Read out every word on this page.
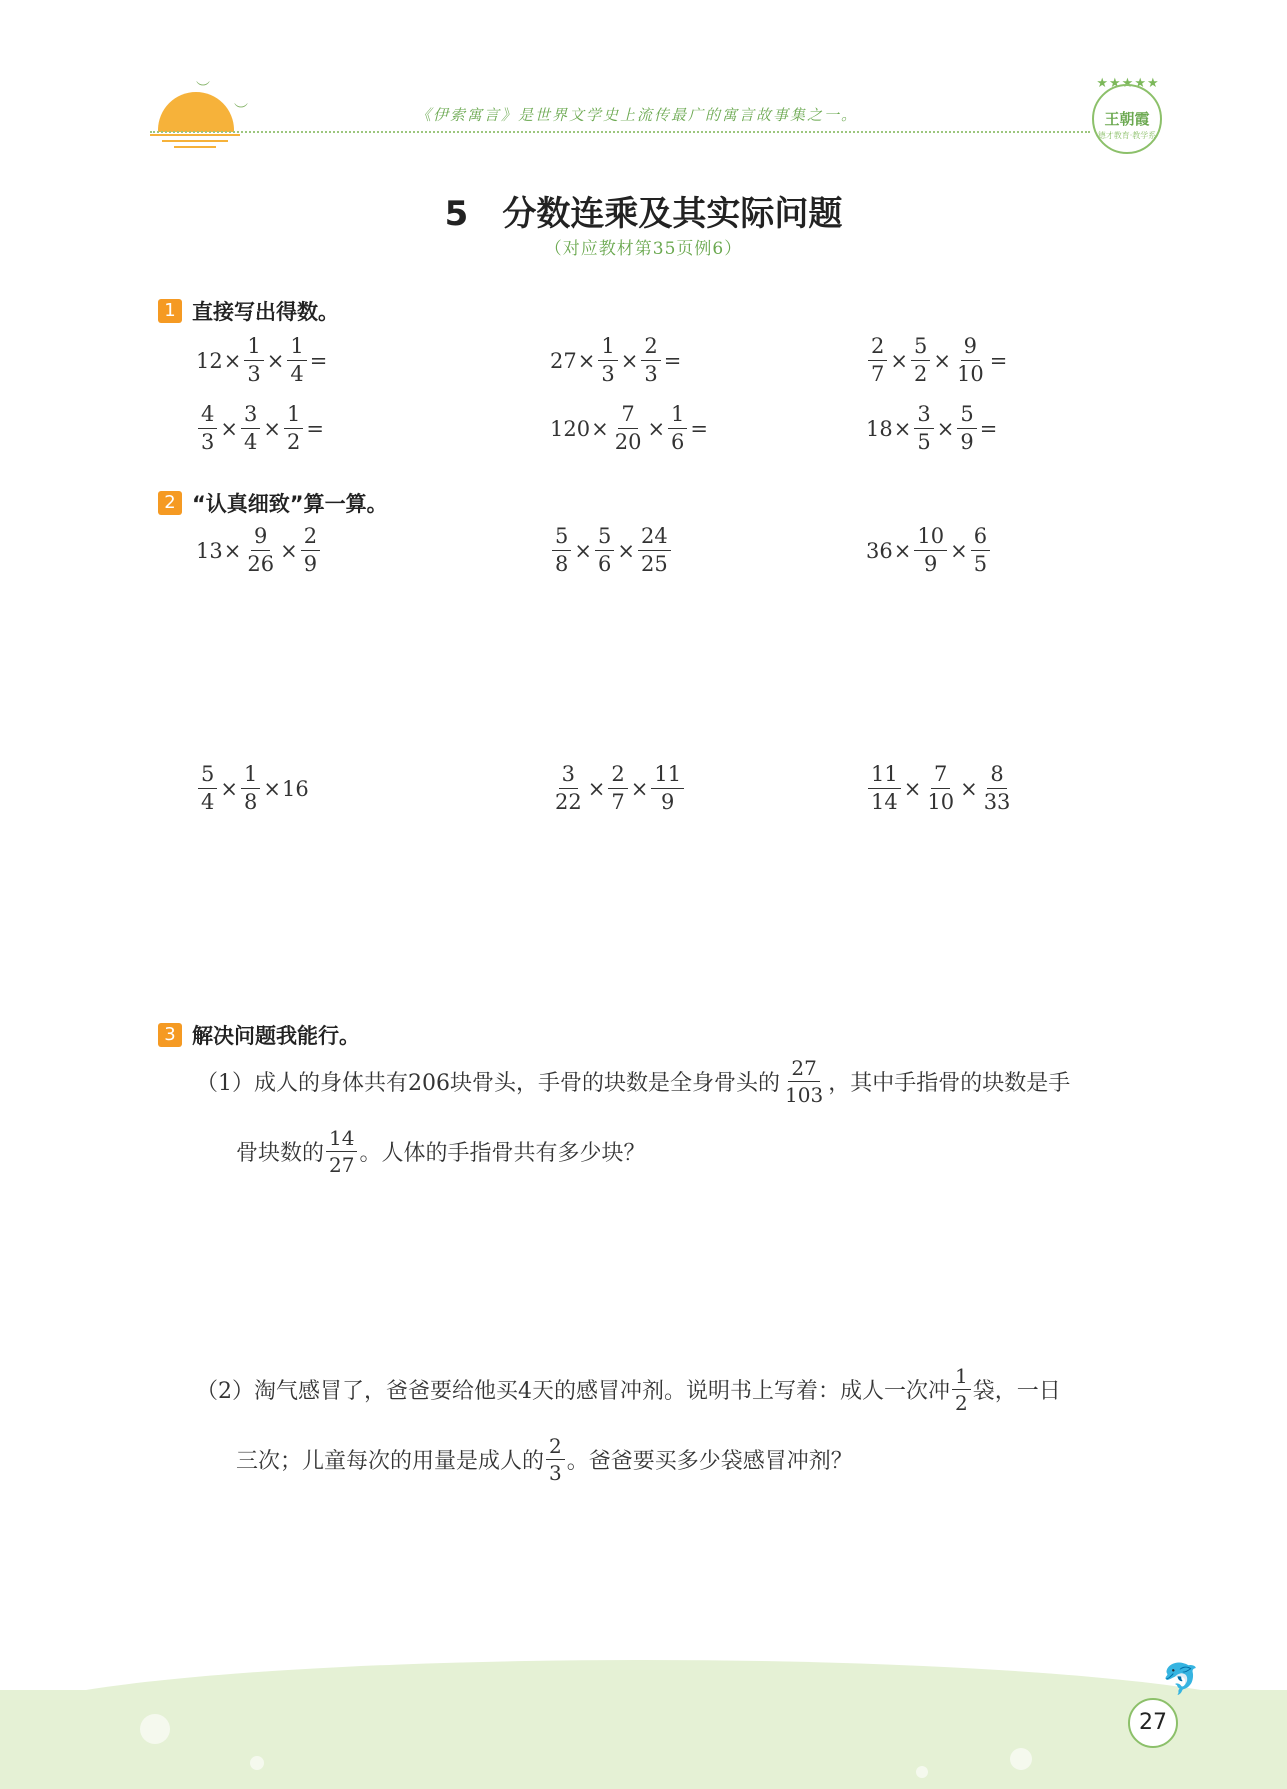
︶
︶	《伊索寓言》是世界文学史上流传最广的寓言故事集之一。
★★★★★
王朝霞
德才教育·教学系
5 分数连乘及其实际问题
（对应教材第35页例6）
1 直接写出得数。
$12 \times \frac{1}{3} \times \frac{1}{4}$ =	$27 \times \frac{1}{3} \times \frac{2}{3}$ =	$\frac{2}{7} \times \frac{5}{2} \times \frac{9}{10}$ =
$\frac{4}{3} \times \frac{3}{4} \times \frac{1}{2}$ =	$120 \times \frac{7}{20} \times \frac{1}{6}$ =	$18 \times \frac{3}{5} \times \frac{5}{9}$ =
2 “认真细致”算一算。
$13 \times \frac{9}{26} \times \frac{2}{9}$	$\frac{5}{8} \times \frac{5}{6} \times \frac{24}{25}$	$36 \times \frac{10}{9} \times \frac{6}{5}$
$\frac{5}{4} \times \frac{1}{8} \times 16$	$\frac{3}{22} \times \frac{2}{7} \times \frac{11}{9}$	$\frac{11}{14} \times \frac{7}{10} \times \frac{8}{33}$
3 解决问题我能行。
（1）成人的身体共有206块骨头，手骨的块数是全身骨头的 $\frac{27}{103}$ ，其中手指骨的块数是手
骨块数的 $\frac{14}{27}$ 。人体的手指骨共有多少块？
（2）淘气感冒了，爸爸要给他买4天的感冒冲剂。说明书上写着：成人一次冲 $\frac{1}{2}$ 袋，一日
三次；儿童每次的用量是成人的 $\frac{2}{3}$ 。爸爸要买多少袋感冒冲剂？
🐬
27
